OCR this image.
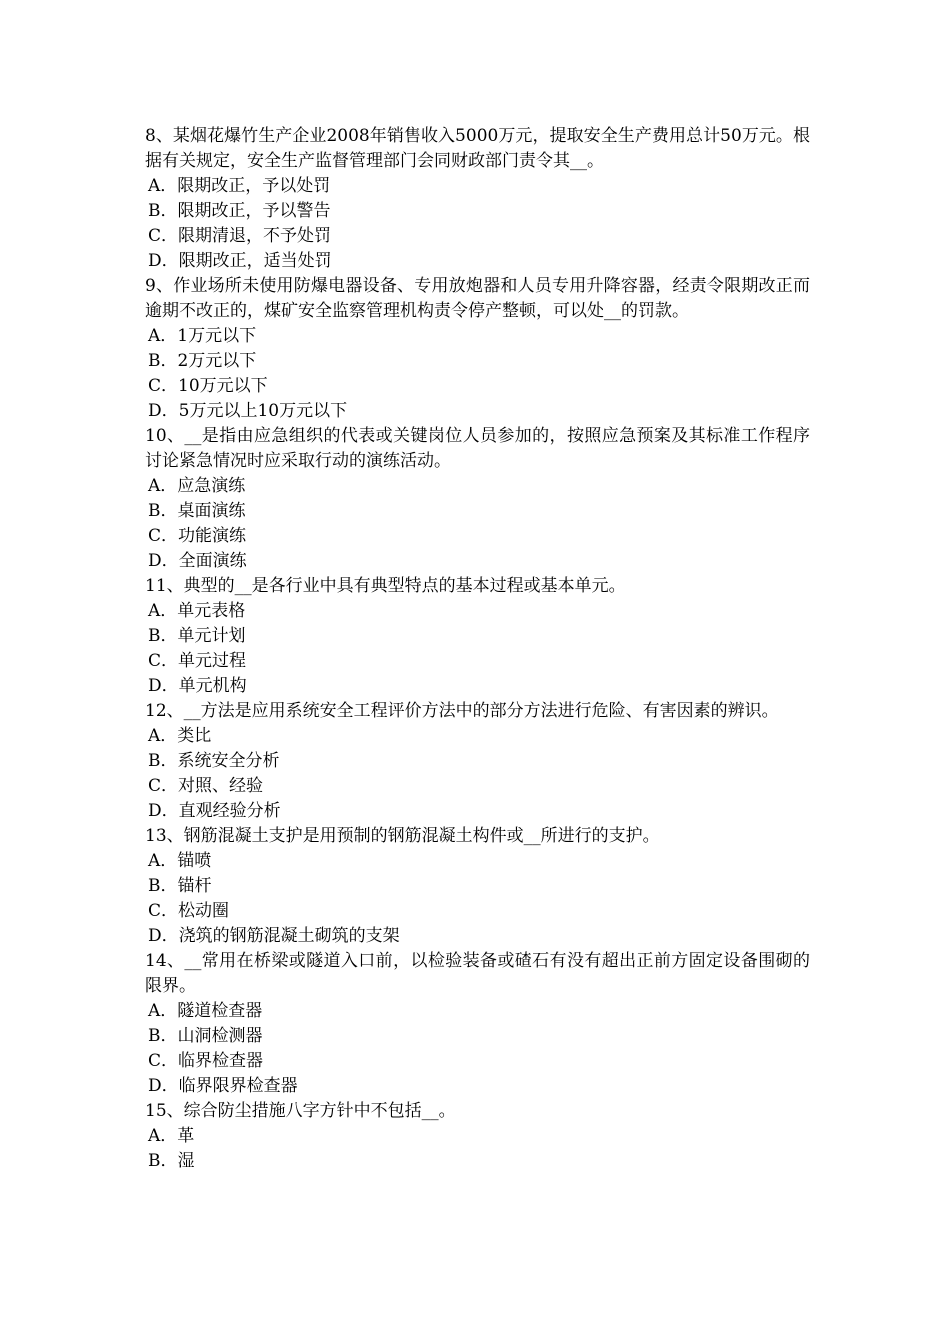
8、某烟花爆竹生产企业2008年销售收入5000万元，提取安全生产费用总计50万元。根据有关规定，安全生产监督管理部门会同财政部门责令其__。

A．限期改正，予以处罚
B．限期改正，予以警告
C．限期清退，不予处罚
D．限期改正，适当处罚

9、作业场所未使用防爆电器设备、专用放炮器和人员专用升降容器，经责令限期改正而逾期不改正的，煤矿安全监察管理机构责令停产整顿，可以处__的罚款。

A．1万元以下
B．2万元以下
C．10万元以下
D．5万元以上10万元以下

10、__是指由应急组织的代表或关键岗位人员参加的，按照应急预案及其标准工作程序讨论紧急情况时应采取行动的演练活动。

A．应急演练
B．桌面演练
C．功能演练
D．全面演练

11、典型的__是各行业中具有典型特点的基本过程或基本单元。

A．单元表格
B．单元计划
C．单元过程
D．单元机构

12、__方法是应用系统安全工程评价方法中的部分方法进行危险、有害因素的辨识。

A．类比
B．系统安全分析
C．对照、经验
D．直观经验分析

13、钢筋混凝土支护是用预制的钢筋混凝土构件或__所进行的支护。

A．锚喷
B．锚杆
C．松动圈
D．浇筑的钢筋混凝土砌筑的支架

14、__常用在桥梁或隧道入口前，以检验装备或碴石有没有超出正前方固定设备围砌的限界。

A．隧道检查器
B．山洞检测器
C．临界检查器
D．临界限界检查器

15、综合防尘措施八字方针中不包括__。

A．革
B．湿
